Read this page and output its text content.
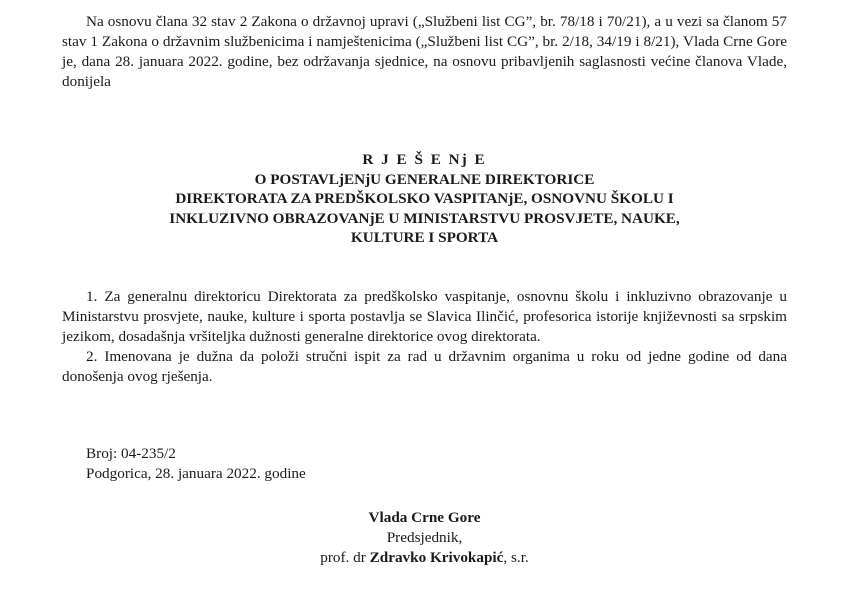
Na osnovu člana 32 stav 2 Zakona o državnoj upravi („Službeni list CG”, br. 78/18 i 70/21), a u vezi sa članom 57 stav 1 Zakona o državnim službenicima i namještenicima („Službeni list CG”, br. 2/18, 34/19 i 8/21), Vlada Crne Gore je, dana 28. januara 2022. godine, bez održavanja sjednice, na osnovu pribavljenih saglasnosti većine članova Vlade, donijela

R J E Š E Nj E
O POSTAVLjENjU GENERALNE DIREKTORICE
DIREKTORATA ZA PREDŠKOLSKO VASPITANjE, OSNOVNU ŠKOLU I
INKLUZIVNO OBRAZOVANjE U MINISTARSTVU PROSVJETE, NAUKE,
KULTURE I SPORTA

1. Za generalnu direktoricu Direktorata za predškolsko vaspitanje, osnovnu školu i inkluzivno obrazovanje u Ministarstvu prosvjete, nauke, kulture i sporta postavlja se Slavica Ilinčić, profesorica istorije književnosti sa srpskim jezikom, dosadašnja vršiteljka dužnosti generalne direktorice ovog direktorata.

2. Imenovana je dužna da položi stručni ispit za rad u državnim organima u roku od jedne godine od dana donošenja ovog rješenja.

Broj: 04-235/2
Podgorica, 28. januara 2022. godine
Vlada Crne Gore
Predsjednik,
prof. dr Zdravko Krivokapić, s.r.
